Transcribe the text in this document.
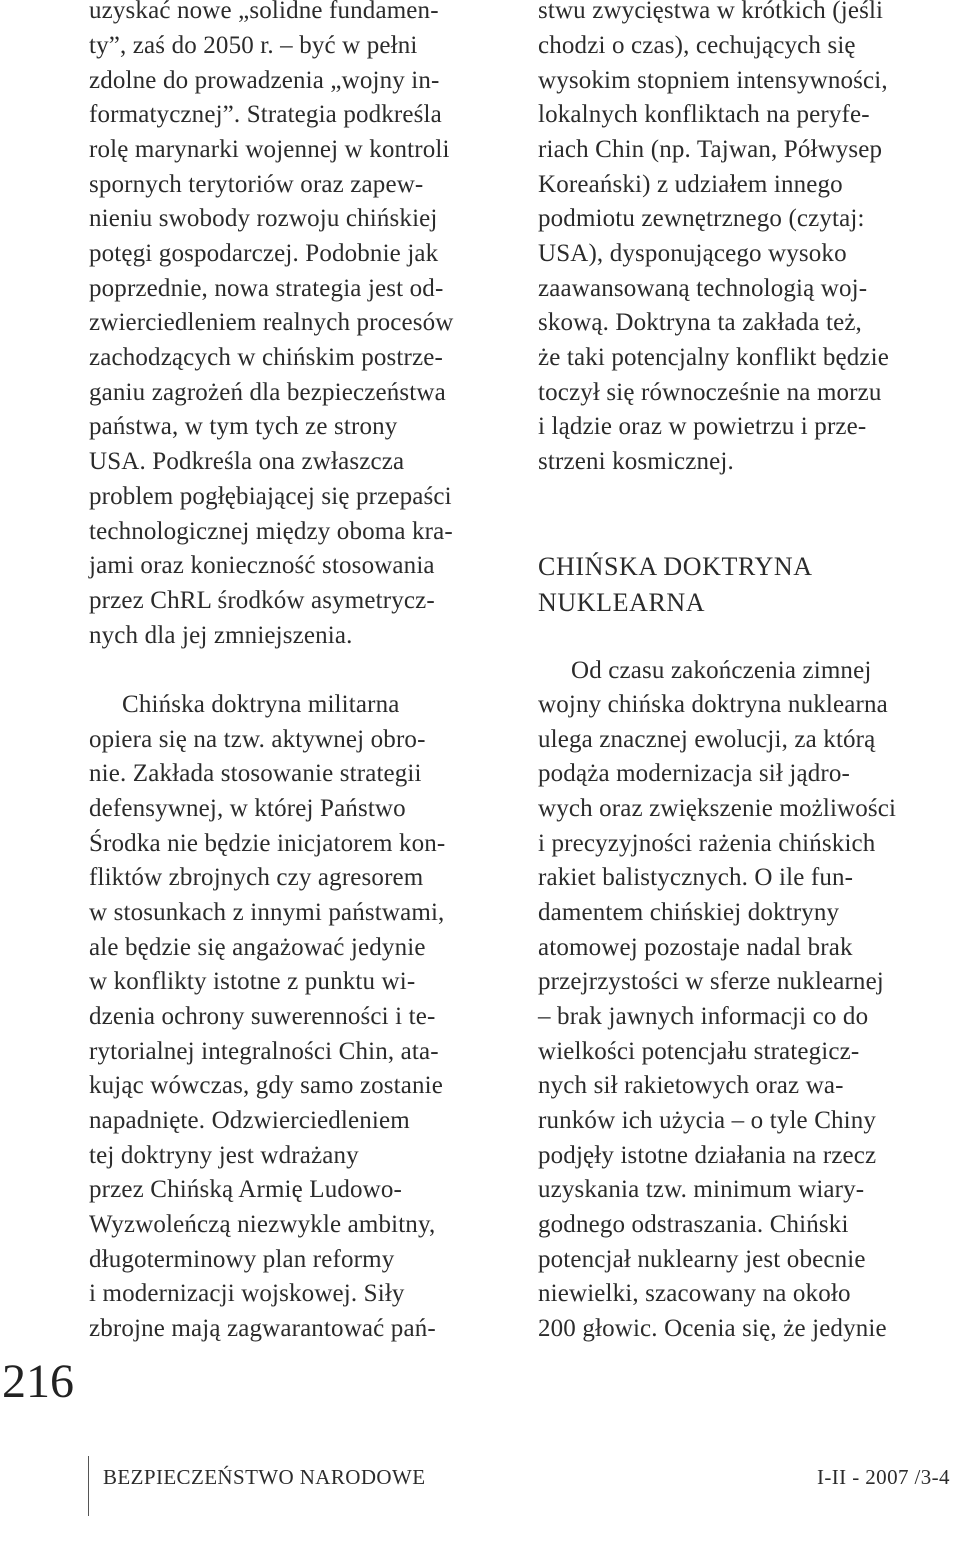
uzyskać nowe „solidne fundamen-
ty”, zaś do 2050 r. – być w pełni
zdolne do prowadzenia „wojny in-
formatycznej”. Strategia podkreśla
rolę marynarki wojennej w kontroli
spornych terytoriów oraz zapew-
nieniu swobody rozwoju chińskiej
potęgi gospodarczej. Podobnie jak
poprzednie, nowa strategia jest od-
zwierciedleniem realnych procesów
zachodzących w chińskim postrze-
ganiu zagrożeń dla bezpieczeństwa
państwa, w tym tych ze strony
USA. Podkreśla ona zwłaszcza
problem pogłębiającej się przepaści
technologicznej między oboma kra-
jami oraz konieczność stosowania
przez ChRL środków asymetrycz-
nych dla jej zmniejszenia.
Chińska doktryna militarna
opiera się na tzw. aktywnej obro-
nie. Zakłada stosowanie strategii
defensywnej, w której Państwo
Środka nie będzie inicjatorem kon-
fliktów zbrojnych czy agresorem
w stosunkach z innymi państwami,
ale będzie się angażować jedynie
w konflikty istotne z punktu wi-
dzenia ochrony suwerenności i te-
rytorialnej integralności Chin, ata-
kując wówczas, gdy samo zostanie
napadnięte. Odzwierciedleniem
tej doktryny jest wdrażany
przez Chińską Armię Ludowo-
Wyzwoleńczą niezwykle ambitny,
długoterminowy plan reformy
i modernizacji wojskowej. Siły
zbrojne mają zagwarantować pań-
stwu zwycięstwa w krótkich (jeśli
chodzi o czas), cechujących się
wysokim stopniem intensywności,
lokalnych konfliktach na peryfe-
riach Chin (np. Tajwan, Półwysep
Koreański) z udziałem innego
podmiotu zewnętrznego (czytaj:
USA), dysponującego wysoko
zaawansowaną technologią woj-
skową. Doktryna ta zakłada też,
że taki potencjalny konflikt będzie
toczył się równocześnie na morzu
i lądzie oraz w powietrzu i prze-
strzeni kosmicznej.
CHIŃSKA DOKTRYNA
NUKLEARNA
Od czasu zakończenia zimnej
wojny chińska doktryna nuklearna
ulega znacznej ewolucji, za którą
podąża modernizacja sił jądro-
wych oraz zwiększenie możliwości
i precyzyjności rażenia chińskich
rakiet balistycznych. O ile fun-
damentem chińskiej doktryny
atomowej pozostaje nadal brak
przejrzystości w sferze nuklearnej
– brak jawnych informacji co do
wielkości potencjału strategicz-
nych sił rakietowych oraz wa-
runków ich użycia – o tyle Chiny
podjęły istotne działania na rzecz
uzyskania tzw. minimum wiary-
godnego odstraszania. Chiński
potencjał nuklearny jest obecnie
niewielki, szacowany na około
200 głowic. Ocenia się, że jedynie
216
BEZPIECZEŃSTWO NARODOWE	I-II - 2007 /3-4
